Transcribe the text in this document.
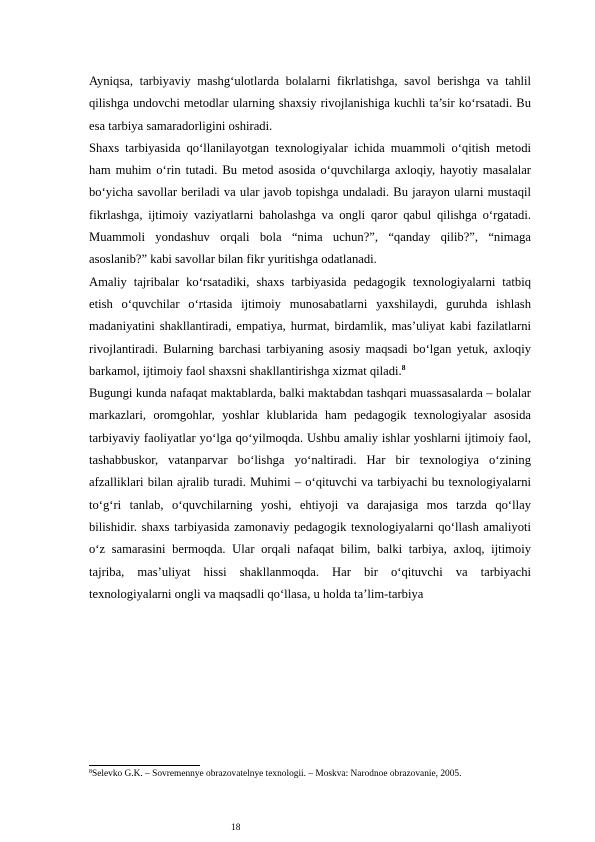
Ayniqsa, tarbiyaviy mashg‘ulotlarda bolalarni fikrlatishga, savol berishga va tahlil qilishga undovchi metodlar ularning shaxsiy rivojlanishiga kuchli ta’sir ko‘rsatadi. Bu esa tarbiya samaradorligini oshiradi.

Shaxs tarbiyasida qo‘llanilayotgan texnologiyalar ichida muammoli o‘qitish metodi ham muhim o‘rin tutadi. Bu metod asosida o‘quvchilarga axloqiy, hayotiy masalalar bo‘yicha savollar beriladi va ular javob topishga undaladi. Bu jarayon ularni mustaqil fikrlashga, ijtimoiy vaziyatlarni baholashga va ongli qaror qabul qilishga o‘rgatadi. Muammoli yondashuv orqali bola “nima uchun?”, “qanday qilib?”, “nimaga asoslanib?” kabi savollar bilan fikr yuritishga odatlanadi.

Amaliy tajribalar ko‘rsatadiki, shaxs tarbiyasida pedagogik texnologiyalarni tatbiq etish o‘quvchilar o‘rtasida ijtimoiy munosabatlarni yaxshilaydi, guruhda ishlash madaniyatini shakllantiradi, empatiya, hurmat, birdamlik, mas’uliyat kabi fazilatlarni rivojlantiradi. Bularning barchasi tarbiyaning asosiy maqsadi bo‘lgan yetuk, axloqiy barkamol, ijtimoiy faol shaxsni shakllantirishga xizmat qiladi.$^8$

Bugungi kunda nafaqat maktablarda, balki maktabdan tashqari muassasalarda – bolalar markazlari, oromgohlar, yoshlar klublarida ham pedagogik texnologiyalar asosida tarbiyaviy faoliyatlar yo‘lga qo‘yilmoqda. Ushbu amaliy ishlar yoshlarni ijtimoiy faol, tashabbuskor, vatanparvar bo‘lishga yo‘naltiradi. Har bir texnologiya o‘zining afzalliklari bilan ajralib turadi. Muhimi – o‘qituvchi va tarbiyachi bu texnologiyalarni to‘g‘ri tanlab, o‘quvchilarning yoshi, ehtiyoji va darajasiga mos tarzda qo‘llay bilishidir. shaxs tarbiyasida zamonaviy pedagogik texnologiyalarni qo‘llash amaliyoti o‘z samarasini bermoqda. Ular orqali nafaqat bilim, balki tarbiya, axloq, ijtimoiy tajriba, mas’uliyat hissi shakllanmoqda. Har bir o‘qituvchi va tarbiyachi texnologiyalarni ongli va maqsadli qo‘llasa, u holda ta’lim-tarbiya

$^8$Selevko G.K. – Sovremennye obrazovatelnye texnologii. – Moskva: Narodnoe obrazovanie, 2005.
18
